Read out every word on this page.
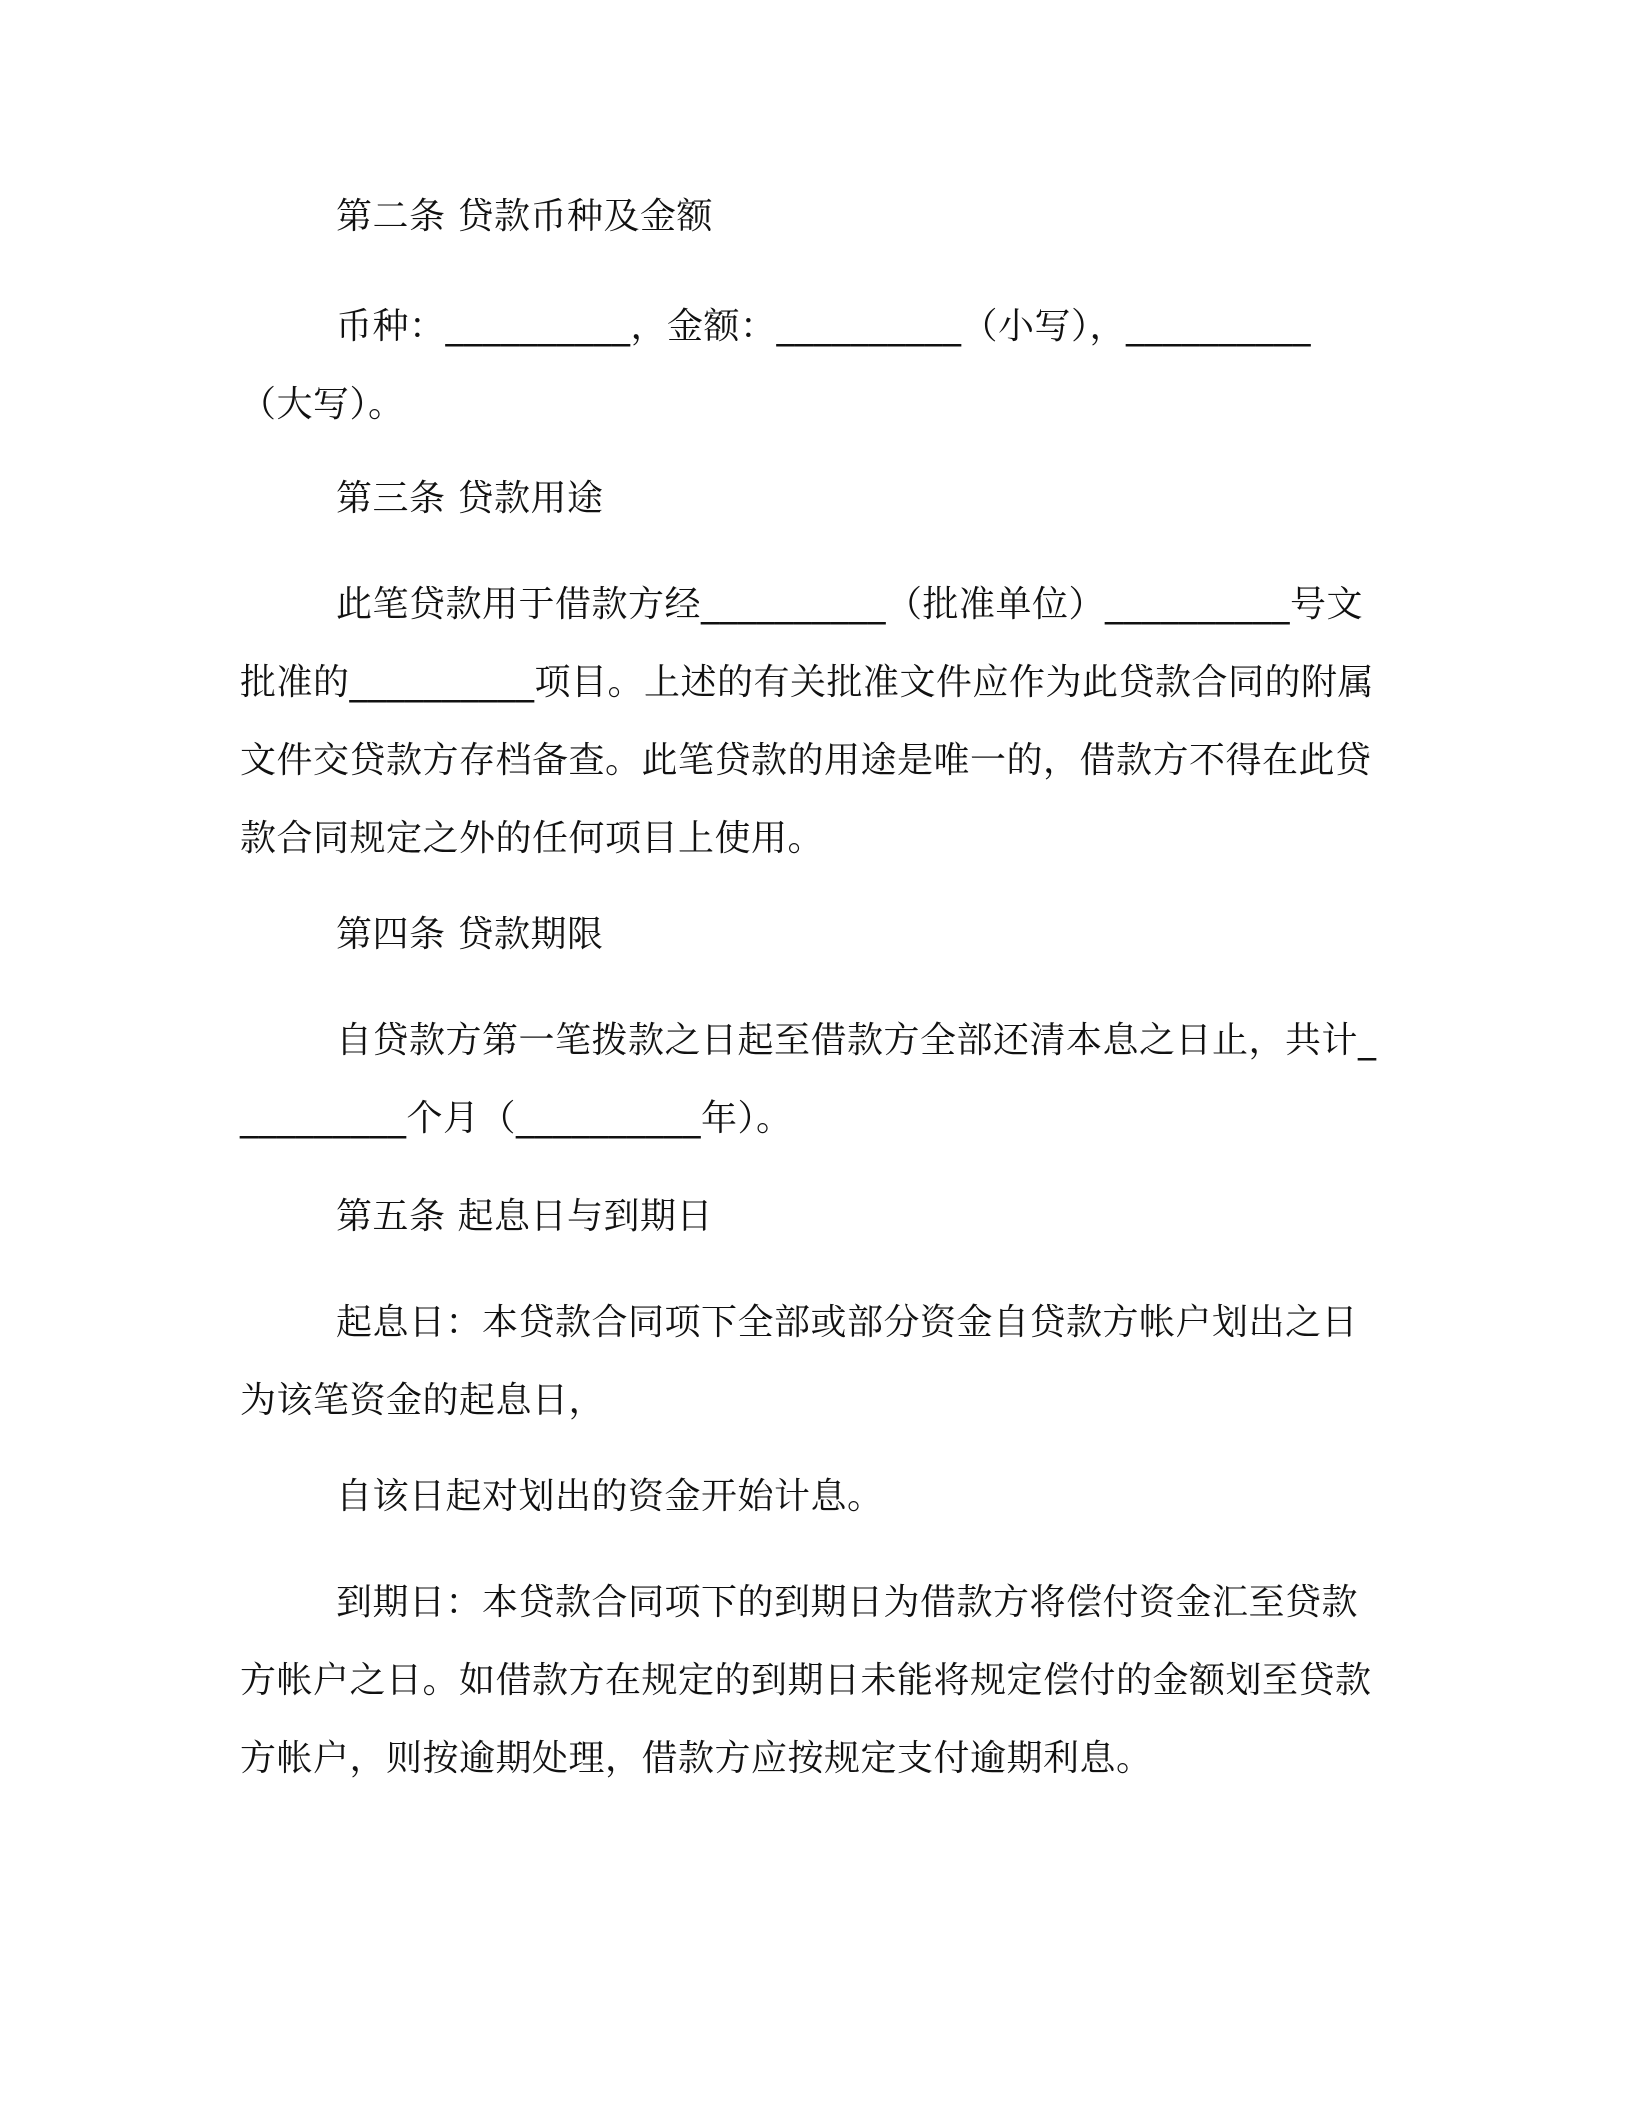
第二条 贷款币种及金额

币种：__________，金额：__________（小写），__________（大写）。

第三条 贷款用途

此笔贷款用于借款方经__________（批准单位）__________号文批准的__________项目。上述的有关批准文件应作为此贷款合同的附属文件交贷款方存档备查。此笔贷款的用途是唯一的，借款方不得在此贷款合同规定之外的任何项目上使用。

第四条 贷款期限

自贷款方第一笔拨款之日起至借款方全部还清本息之日止，共计__________个月（__________年）。

第五条 起息日与到期日

起息日：本贷款合同项下全部或部分资金自贷款方帐户划出之日为该笔资金的起息日，

自该日起对划出的资金开始计息。

到期日：本贷款合同项下的到期日为借款方将偿付资金汇至贷款方帐户之日。如借款方在规定的到期日未能将规定偿付的金额划至贷款方帐户，则按逾期处理，借款方应按规定支付逾期利息。
